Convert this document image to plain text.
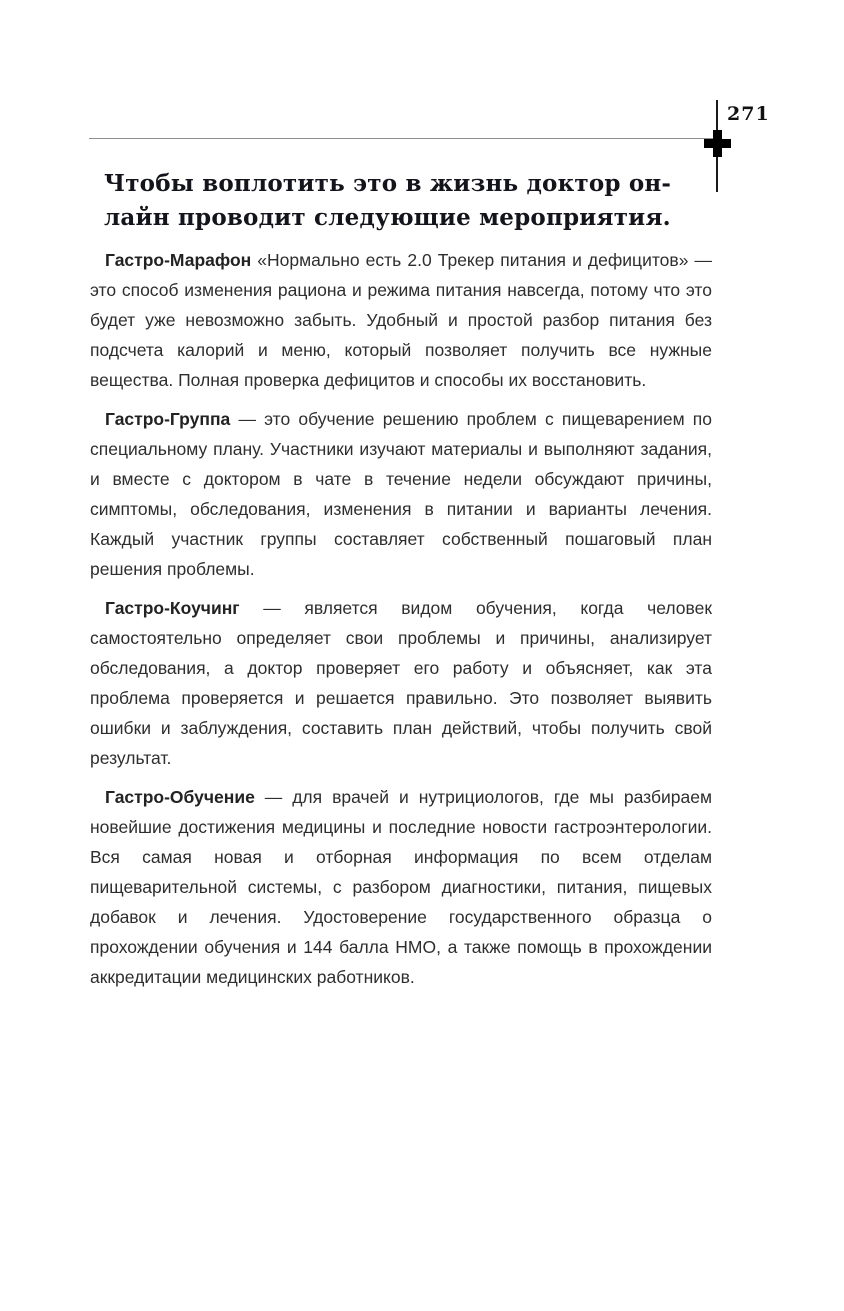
271
Чтобы воплотить это в жизнь доктор он-
лайн проводит следующие мероприятия.

Гастро-Марафон «Нормально есть 2.0 Трекер питания и дефицитов» — это способ изменения рациона и режима питания навсегда, потому что это будет уже невозможно забыть. Удобный и простой разбор питания без подсчета калорий и меню, который позволяет получить все нужные вещества. Полная проверка дефицитов и способы их восстановить.

Гастро-Группа — это обучение решению проблем с пищеварением по специальному плану. Участники изучают материалы и выполняют задания, и вместе с доктором в чате в течение недели обсуждают причины, симптомы, обследования, изменения в питании и варианты лечения. Каждый участник группы составляет собственный пошаговый план решения проблемы.

Гастро-Коучинг — является видом обучения, когда человек самостоятельно определяет свои проблемы и причины, анализирует обследования, а доктор проверяет его работу и объясняет, как эта проблема проверяется и решается правильно. Это позволяет выявить ошибки и заблуждения, составить план действий, чтобы получить свой результат.

Гастро-Обучение — для врачей и нутрициологов, где мы разбираем новейшие достижения медицины и последние новости гастроэнтерологии. Вся самая новая и отборная информация по всем отделам пищеварительной системы, с разбором диагностики, питания, пищевых добавок и лечения. Удостоверение государственного образца о прохождении обучения и 144 балла НМО, а также помощь в прохождении аккредитации медицинских работников.
